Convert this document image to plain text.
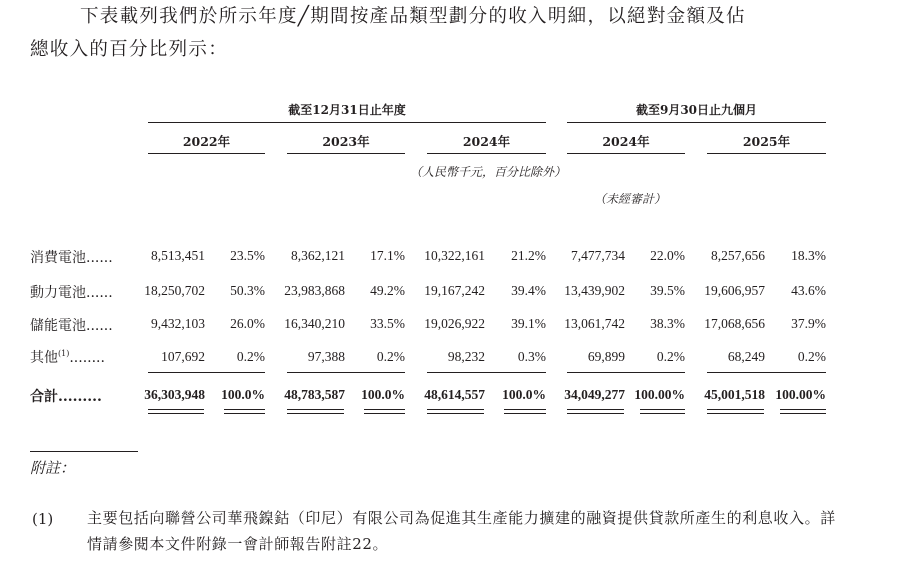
下表載列我們於所示年度╱期間按產品類型劃分的收入明細，以絕對金額及佔
總收入的百分比列示：
截至12月31日止年度	截至9月30日止九個月
2022年	2023年	2024年	2024年	2025年
（人民幣千元，百分比除外）
（未經審計）
消費電池......	8,513,451	23.5%	8,362,121	17.1%	10,322,161	21.2%	7,477,734	22.0%	8,257,656	18.3%
動力電池......	18,250,702	50.3%	23,983,868	49.2%	19,167,242	39.4%	13,439,902	39.5%	19,606,957	43.6%
儲能電池......	9,432,103	26.0%	16,340,210	33.5%	19,026,922	39.1%	13,061,742	38.3%	17,068,656	37.9%
其他$^{(1)}$........	107,692	0.2%	97,388	0.2%	98,232	0.3%	69,899	0.2%	68,249	0.2%
合計.........	36,303,948	100.0%	48,783,587	100.0%	48,614,557	100.0%	34,049,277 100.00%	45,001,518 100.00%
附註：
(1) 主要包括向聯營公司華飛鎳鈷（印尼）有限公司為促進其生產能力擴建的融資提供貸款所產生的利息收入。詳情請參閱本文件附錄一會計師報告附註22。
